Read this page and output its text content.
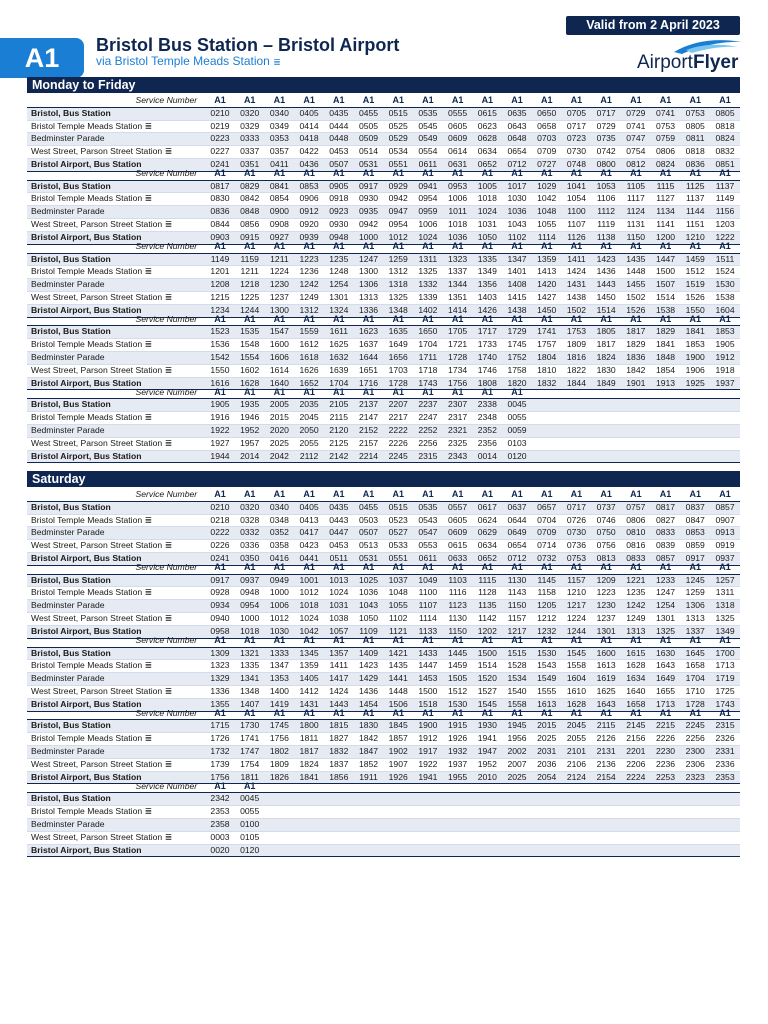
Valid from 2 April 2023
A1	Bristol Bus Station – Bristol Airport
via Bristol Temple Meads Station ≣	AirportFlyer
Monday to Friday
Service Number	A1	A1	A1	A1	A1	A1	A1	A1	A1	A1	A1	A1	A1	A1	A1	A1	A1	A1
Bristol, Bus Station	0210	0320	0340	0405	0435	0455	0515	0535	0555	0615	0635	0650	0705	0717	0729	0741	0753	0805
Bristol Temple Meads Station ≣	0219	0329	0349	0414	0444	0505	0525	0545	0605	0623	0643	0658	0717	0729	0741	0753	0805	0818
Bedminster Parade	0223	0333	0353	0418	0448	0509	0529	0549	0609	0628	0648	0703	0723	0735	0747	0759	0811	0824
West Street, Parson Street Station ≣	0227	0337	0357	0422	0453	0514	0534	0554	0614	0634	0654	0709	0730	0742	0754	0806	0818	0832
Bristol Airport, Bus Station	0241	0351	0411	0436	0507	0531	0551	0611	0631	0652	0712	0727	0748	0800	0812	0824	0836	0851
Service Number	A1	A1	A1	A1	A1	A1	A1	A1	A1	A1	A1	A1	A1	A1	A1	A1	A1	A1
Bristol, Bus Station	0817	0829	0841	0853	0905	0917	0929	0941	0953	1005	1017	1029	1041	1053	1105	1115	1125	1137
Bristol Temple Meads Station ≣	0830	0842	0854	0906	0918	0930	0942	0954	1006	1018	1030	1042	1054	1106	1117	1127	1137	1149
Bedminster Parade	0836	0848	0900	0912	0923	0935	0947	0959	1011	1024	1036	1048	1100	1112	1124	1134	1144	1156
West Street, Parson Street Station ≣	0844	0856	0908	0920	0930	0942	0954	1006	1018	1031	1043	1055	1107	1119	1131	1141	1151	1203
Bristol Airport, Bus Station	0903	0915	0927	0939	0948	1000	1012	1024	1036	1050	1102	1114	1126	1138	1150	1200	1210	1222
Service Number	A1	A1	A1	A1	A1	A1	A1	A1	A1	A1	A1	A1	A1	A1	A1	A1	A1	A1
Bristol, Bus Station	1149	1159	1211	1223	1235	1247	1259	1311	1323	1335	1347	1359	1411	1423	1435	1447	1459	1511
Bristol Temple Meads Station ≣	1201	1211	1224	1236	1248	1300	1312	1325	1337	1349	1401	1413	1424	1436	1448	1500	1512	1524
Bedminster Parade	1208	1218	1230	1242	1254	1306	1318	1332	1344	1356	1408	1420	1431	1443	1455	1507	1519	1530
West Street, Parson Street Station ≣	1215	1225	1237	1249	1301	1313	1325	1339	1351	1403	1415	1427	1438	1450	1502	1514	1526	1538
Bristol Airport, Bus Station	1234	1244	1300	1312	1324	1336	1348	1402	1414	1426	1438	1450	1502	1514	1526	1538	1550	1604
Service Number	A1	A1	A1	A1	A1	A1	A1	A1	A1	A1	A1	A1	A1	A1	A1	A1	A1	A1
Bristol, Bus Station	1523	1535	1547	1559	1611	1623	1635	1650	1705	1717	1729	1741	1753	1805	1817	1829	1841	1853
Bristol Temple Meads Station ≣	1536	1548	1600	1612	1625	1637	1649	1704	1721	1733	1745	1757	1809	1817	1829	1841	1853	1905
Bedminster Parade	1542	1554	1606	1618	1632	1644	1656	1711	1728	1740	1752	1804	1816	1824	1836	1848	1900	1912
West Street, Parson Street Station ≣	1550	1602	1614	1626	1639	1651	1703	1718	1734	1746	1758	1810	1822	1830	1842	1854	1906	1918
Bristol Airport, Bus Station	1616	1628	1640	1652	1704	1716	1728	1743	1756	1808	1820	1832	1844	1849	1901	1913	1925	1937
Service Number	A1	A1	A1	A1	A1	A1	A1	A1	A1	A1	A1							
Bristol, Bus Station	1905	1935	2005	2035	2105	2137	2207	2237	2307	2338	0045							
Bristol Temple Meads Station ≣	1916	1946	2015	2045	2115	2147	2217	2247	2317	2348	0055							
Bedminster Parade	1922	1952	2020	2050	2120	2152	2222	2252	2321	2352	0059							
West Street, Parson Street Station ≣	1927	1957	2025	2055	2125	2157	2226	2256	2325	2356	0103							
Bristol Airport, Bus Station	1944	2014	2042	2112	2142	2214	2245	2315	2343	0014	0120							
Saturday
Service Number	A1	A1	A1	A1	A1	A1	A1	A1	A1	A1	A1	A1	A1	A1	A1	A1	A1	A1
Bristol, Bus Station	0210	0320	0340	0405	0435	0455	0515	0535	0557	0617	0637	0657	0717	0737	0757	0817	0837	0857
Bristol Temple Meads Station ≣	0218	0328	0348	0413	0443	0503	0523	0543	0605	0624	0644	0704	0726	0746	0806	0827	0847	0907
Bedminster Parade	0222	0332	0352	0417	0447	0507	0527	0547	0609	0629	0649	0709	0730	0750	0810	0833	0853	0913
West Street, Parson Street Station ≣	0226	0336	0358	0423	0453	0513	0533	0553	0615	0634	0654	0714	0736	0756	0816	0839	0859	0919
Bristol Airport, Bus Station	0241	0350	0416	0441	0511	0531	0551	0611	0633	0652	0712	0732	0753	0813	0833	0857	0917	0937
Service Number	A1	A1	A1	A1	A1	A1	A1	A1	A1	A1	A1	A1	A1	A1	A1	A1	A1	A1
Bristol, Bus Station	0917	0937	0949	1001	1013	1025	1037	1049	1103	1115	1130	1145	1157	1209	1221	1233	1245	1257
Bristol Temple Meads Station ≣	0928	0948	1000	1012	1024	1036	1048	1100	1116	1128	1143	1158	1210	1223	1235	1247	1259	1311
Bedminster Parade	0934	0954	1006	1018	1031	1043	1055	1107	1123	1135	1150	1205	1217	1230	1242	1254	1306	1318
West Street, Parson Street Station ≣	0940	1000	1012	1024	1038	1050	1102	1114	1130	1142	1157	1212	1224	1237	1249	1301	1313	1325
Bristol Airport, Bus Station	0958	1018	1030	1042	1057	1109	1121	1133	1150	1202	1217	1232	1244	1301	1313	1325	1337	1349
Service Number	A1	A1	A1	A1	A1	A1	A1	A1	A1	A1	A1	A1	A1	A1	A1	A1	A1	A1
Bristol, Bus Station	1309	1321	1333	1345	1357	1409	1421	1433	1445	1500	1515	1530	1545	1600	1615	1630	1645	1700
Bristol Temple Meads Station ≣	1323	1335	1347	1359	1411	1423	1435	1447	1459	1514	1528	1543	1558	1613	1628	1643	1658	1713
Bedminster Parade	1329	1341	1353	1405	1417	1429	1441	1453	1505	1520	1534	1549	1604	1619	1634	1649	1704	1719
West Street, Parson Street Station ≣	1336	1348	1400	1412	1424	1436	1448	1500	1512	1527	1540	1555	1610	1625	1640	1655	1710	1725
Bristol Airport, Bus Station	1355	1407	1419	1431	1443	1454	1506	1518	1530	1545	1558	1613	1628	1643	1658	1713	1728	1743
Service Number	A1	A1	A1	A1	A1	A1	A1	A1	A1	A1	A1	A1	A1	A1	A1	A1	A1	A1
Bristol, Bus Station	1715	1730	1745	1800	1815	1830	1845	1900	1915	1930	1945	2015	2045	2115	2145	2215	2245	2315
Bristol Temple Meads Station ≣	1726	1741	1756	1811	1827	1842	1857	1912	1926	1941	1956	2025	2055	2126	2156	2226	2256	2326
Bedminster Parade	1732	1747	1802	1817	1832	1847	1902	1917	1932	1947	2002	2031	2101	2131	2201	2230	2300	2331
West Street, Parson Street Station ≣	1739	1754	1809	1824	1837	1852	1907	1922	1937	1952	2007	2036	2106	2136	2206	2236	2306	2336
Bristol Airport, Bus Station	1756	1811	1826	1841	1856	1911	1926	1941	1955	2010	2025	2054	2124	2154	2224	2253	2323	2353
Service Number	A1	A1																
Bristol, Bus Station	2342	0045																
Bristol Temple Meads Station ≣	2353	0055																
Bedminster Parade	2358	0100																
West Street, Parson Street Station ≣	0003	0105																
Bristol Airport, Bus Station	0020	0120																
